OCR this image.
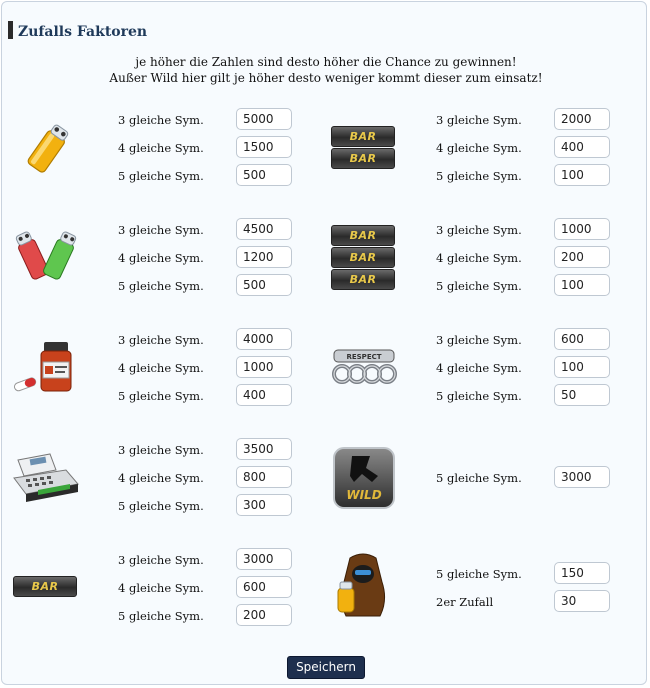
Zufalls Faktoren
je höher die Zahlen sind desto höher die Chance zu gewinnen!
Außer Wild hier gilt je höher desto weniger kommt dieser zum einsatz!
3 gleiche Sym.
4 gleiche Sym.
5 gleiche Sym.
5000
1500
500
3 gleiche Sym.
4 gleiche Sym.
5 gleiche Sym.
4500
1200
500
3 gleiche Sym.
4 gleiche Sym.
5 gleiche Sym.
4000
1000
400
3 gleiche Sym.
4 gleiche Sym.
5 gleiche Sym.
3500
800
300
BAR
3 gleiche Sym.
4 gleiche Sym.
5 gleiche Sym.
3000
600
200
BAR
BAR
3 gleiche Sym.
4 gleiche Sym.
5 gleiche Sym.
2000
400
100
BAR
BAR
BAR
3 gleiche Sym.
4 gleiche Sym.
5 gleiche Sym.
1000
200
100
RESPECT
3 gleiche Sym.
4 gleiche Sym.
5 gleiche Sym.
600
100
50
WILD
5 gleiche Sym.	3000
5 gleiche Sym.
2er Zufall
150
30
Speichern
